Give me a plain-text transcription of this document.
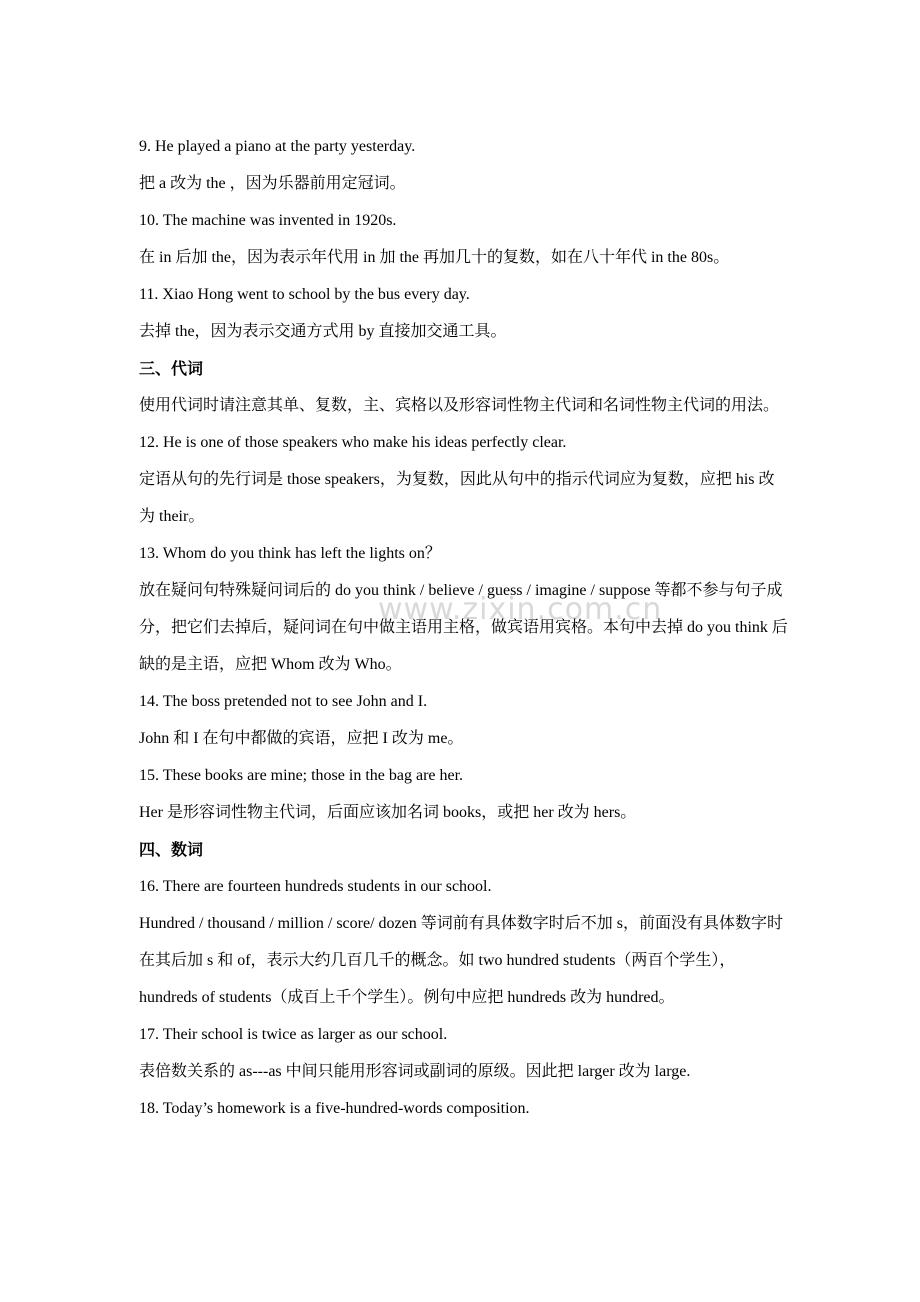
www.zixin.com.cn
9. He played a piano at the party yesterday.
把 a 改为 the ，因为乐器前用定冠词。
10. The machine was invented in 1920s.
在 in 后加 the，因为表示年代用 in 加 the 再加几十的复数，如在八十年代 in the 80s。
11. Xiao Hong went to school by the bus every day.
去掉 the，因为表示交通方式用 by 直接加交通工具。
三、代词
使用代词时请注意其单、复数，主、宾格以及形容词性物主代词和名词性物主代词的用法。
12. He is one of those speakers who make his ideas perfectly clear.
定语从句的先行词是 those speakers，为复数，因此从句中的指示代词应为复数，应把 his 改为 their。
13. Whom do you think has left the lights on？
放在疑问句特殊疑问词后的 do you think / believe / guess / imagine / suppose 等都不参与句子成分，把它们去掉后，疑问词在句中做主语用主格，做宾语用宾格。本句中去掉 do you think 后缺的是主语，应把 Whom 改为 Who。
14. The boss pretended not to see John and I.
John 和 I 在句中都做的宾语，应把 I 改为 me。
15. These books are mine; those in the bag are her.
Her 是形容词性物主代词，后面应该加名词 books，或把 her 改为 hers。
四、数词
16. There are fourteen hundreds students in our school.
Hundred / thousand / million / score/ dozen 等词前有具体数字时后不加 s，前面没有具体数字时在其后加 s 和 of，表示大约几百几千的概念。如 two hundred students（两百个学生），hundreds of students（成百上千个学生）。例句中应把 hundreds 改为 hundred。
17. Their school is twice as larger as our school.
表倍数关系的 as---as 中间只能用形容词或副词的原级。因此把 larger 改为 large.
18. Today’s homework is a five-hundred-words composition.
